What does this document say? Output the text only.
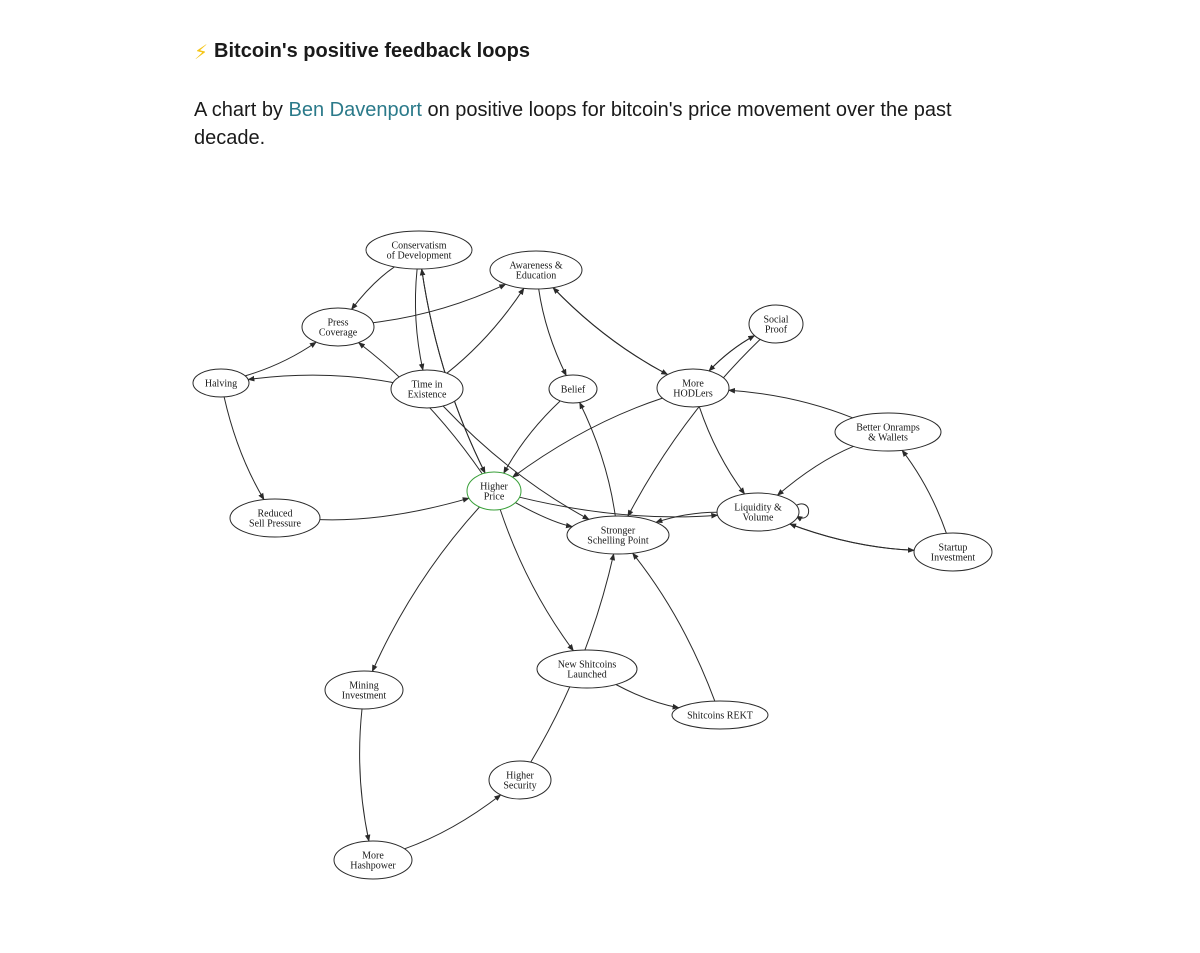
⚡ Bitcoin's positive feedback loops
A chart by Ben Davenport on positive loops for bitcoin's price movement over the past decade.
Conservatism
of Development
Awareness &
Education
Press
Coverage
Social
Proof
Halving	Time in
Existence	Belief
More
HODLers
Better Onramps
& Wallets
Higher
Price
Reduced
Sell Pressure
Liquidity &
Volume
Stronger
Schelling Point
Startup
Investment
New Shitcoins
Launched
Mining
Investment
Shitcoins REKT
Higher
Security
More
Hashpower
